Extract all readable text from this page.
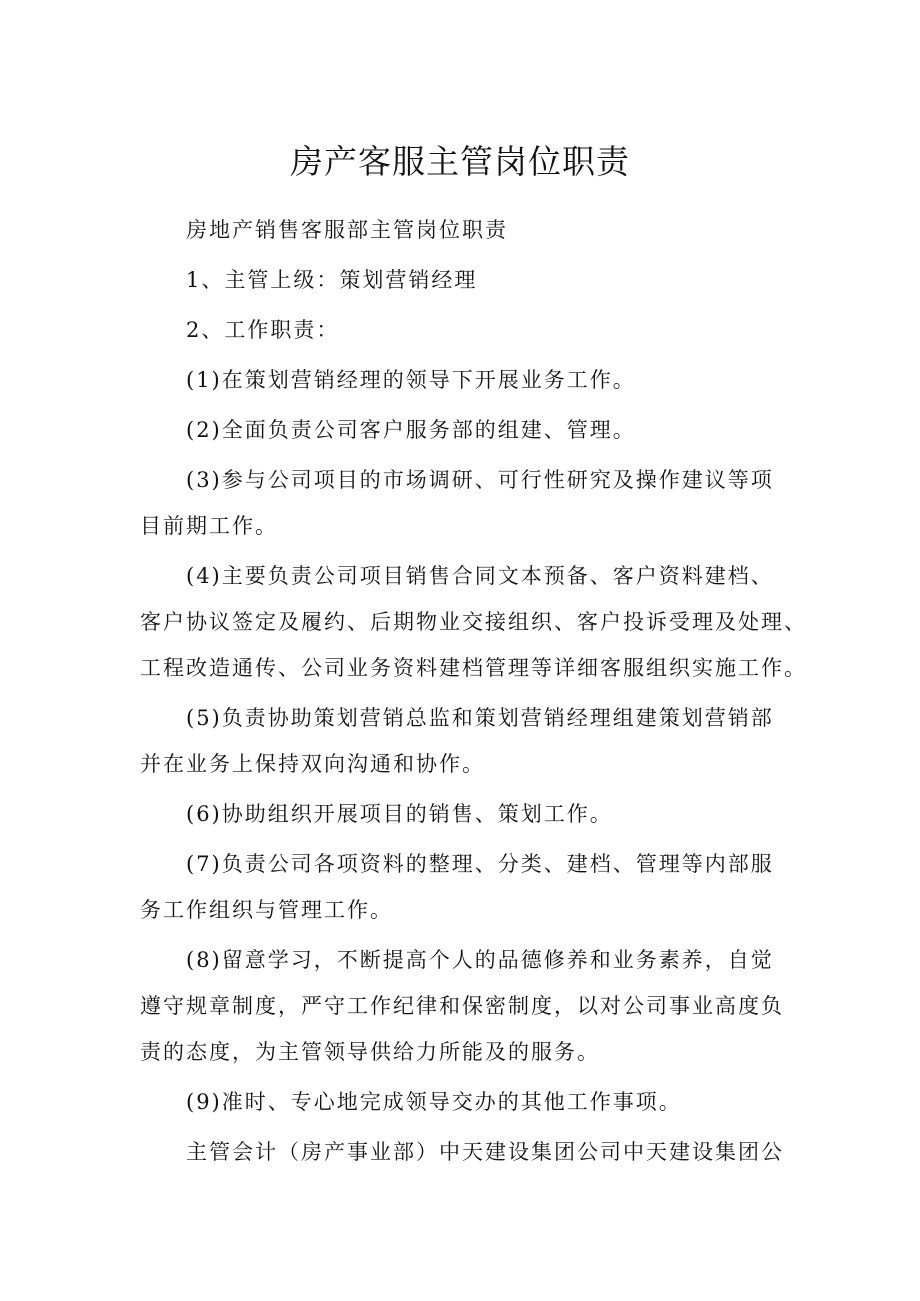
房产客服主管岗位职责

房地产销售客服部主管岗位职责

1、主管上级：策划营销经理

2、工作职责：

(1)在策划营销经理的领导下开展业务工作。

(2)全面负责公司客户服务部的组建、管理。

(3)参与公司项目的市场调研、可行性研究及操作建议等项
目前期工作。

(4)主要负责公司项目销售合同文本预备、客户资料建档、
客户协议签定及履约、后期物业交接组织、客户投诉受理及处理、
工程改造通传、公司业务资料建档管理等详细客服组织实施工作。

(5)负责协助策划营销总监和策划营销经理组建策划营销部
并在业务上保持双向沟通和协作。

(6)协助组织开展项目的销售、策划工作。

(7)负责公司各项资料的整理、分类、建档、管理等内部服
务工作组织与管理工作。

(8)留意学习，不断提高个人的品德修养和业务素养，自觉
遵守规章制度，严守工作纪律和保密制度，以对公司事业高度负
责的态度，为主管领导供给力所能及的服务。

(9)准时、专心地完成领导交办的其他工作事项。

主管会计（房产事业部）中天建设集团公司中天建设集团公
